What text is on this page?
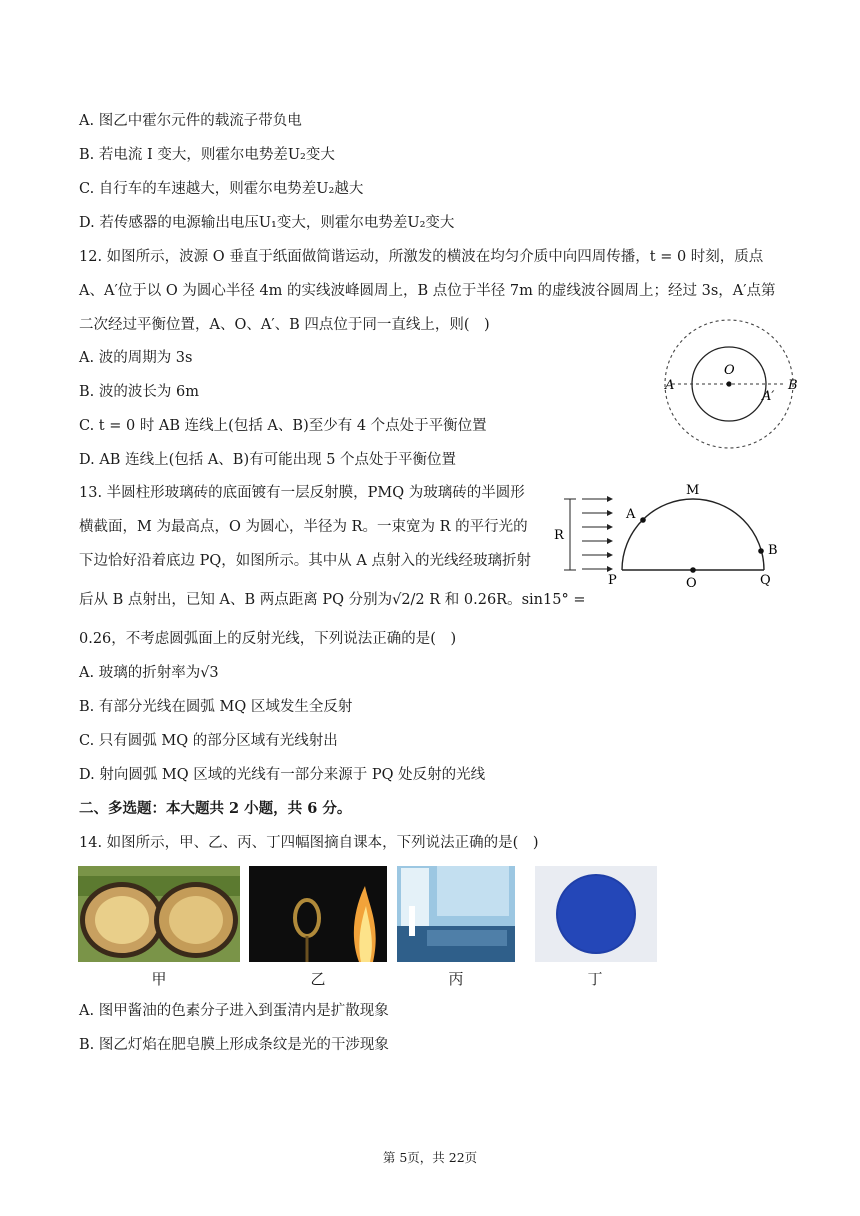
A. 图乙中霍尔元件的载流子带负电
B. 若电流 I 变大，则霍尔电势差U₂变大
C. 自行车的车速越大，则霍尔电势差U₂越大
D. 若传感器的电源输出电压U₁变大，则霍尔电势差U₂变大
12. 如图所示，波源 O 垂直于纸面做简谐运动，所激发的横波在均匀介质中向四周传播，t = 0 时刻，质点
A、A′位于以 O 为圆心半径 4m 的实线波峰圆周上，B 点位于半径 7m 的虚线波谷圆周上；经过 3s，A′点第
二次经过平衡位置，A、O、A′、B 四点位于同一直线上，则(　)
A. 波的周期为 3s
B. 波的波长为 6m
C. t = 0 时 AB 连线上(包括 A、B)至少有 4 个点处于平衡位置
D. AB 连线上(包括 A、B)有可能出现 5 个点处于平衡位置
O
A
A′
B
13. 半圆柱形玻璃砖的底面镀有一层反射膜，PMQ 为玻璃砖的半圆形
横截面，M 为最高点，O 为圆心，半径为 R。一束宽为 R 的平行光的
下边恰好沿着底边 PQ，如图所示。其中从 A 点射入的光线经玻璃折射
后从 B 点射出，已知 A、B 两点距离 PQ 分别为√2/2 R 和 0.26R。sin15° =
0.26，不考虑圆弧面上的反射光线，下列说法正确的是(　)
A. 玻璃的折射率为√3
B. 有部分光线在圆弧 MQ 区域发生全反射
C. 只有圆弧 MQ 的部分区域有光线射出
D. 射向圆弧 MQ 区域的光线有一部分来源于 PQ 处反射的光线
M
A
R
B
P	O	Q
二、多选题：本大题共 2 小题，共 6 分。
14. 如图所示，甲、乙、丙、丁四幅图摘自课本，下列说法正确的是(　)
甲	乙	丙	丁
A. 图甲酱油的色素分子进入到蛋清内是扩散现象
B. 图乙灯焰在肥皂膜上形成条纹是光的干涉现象
第 5页，共 22页
